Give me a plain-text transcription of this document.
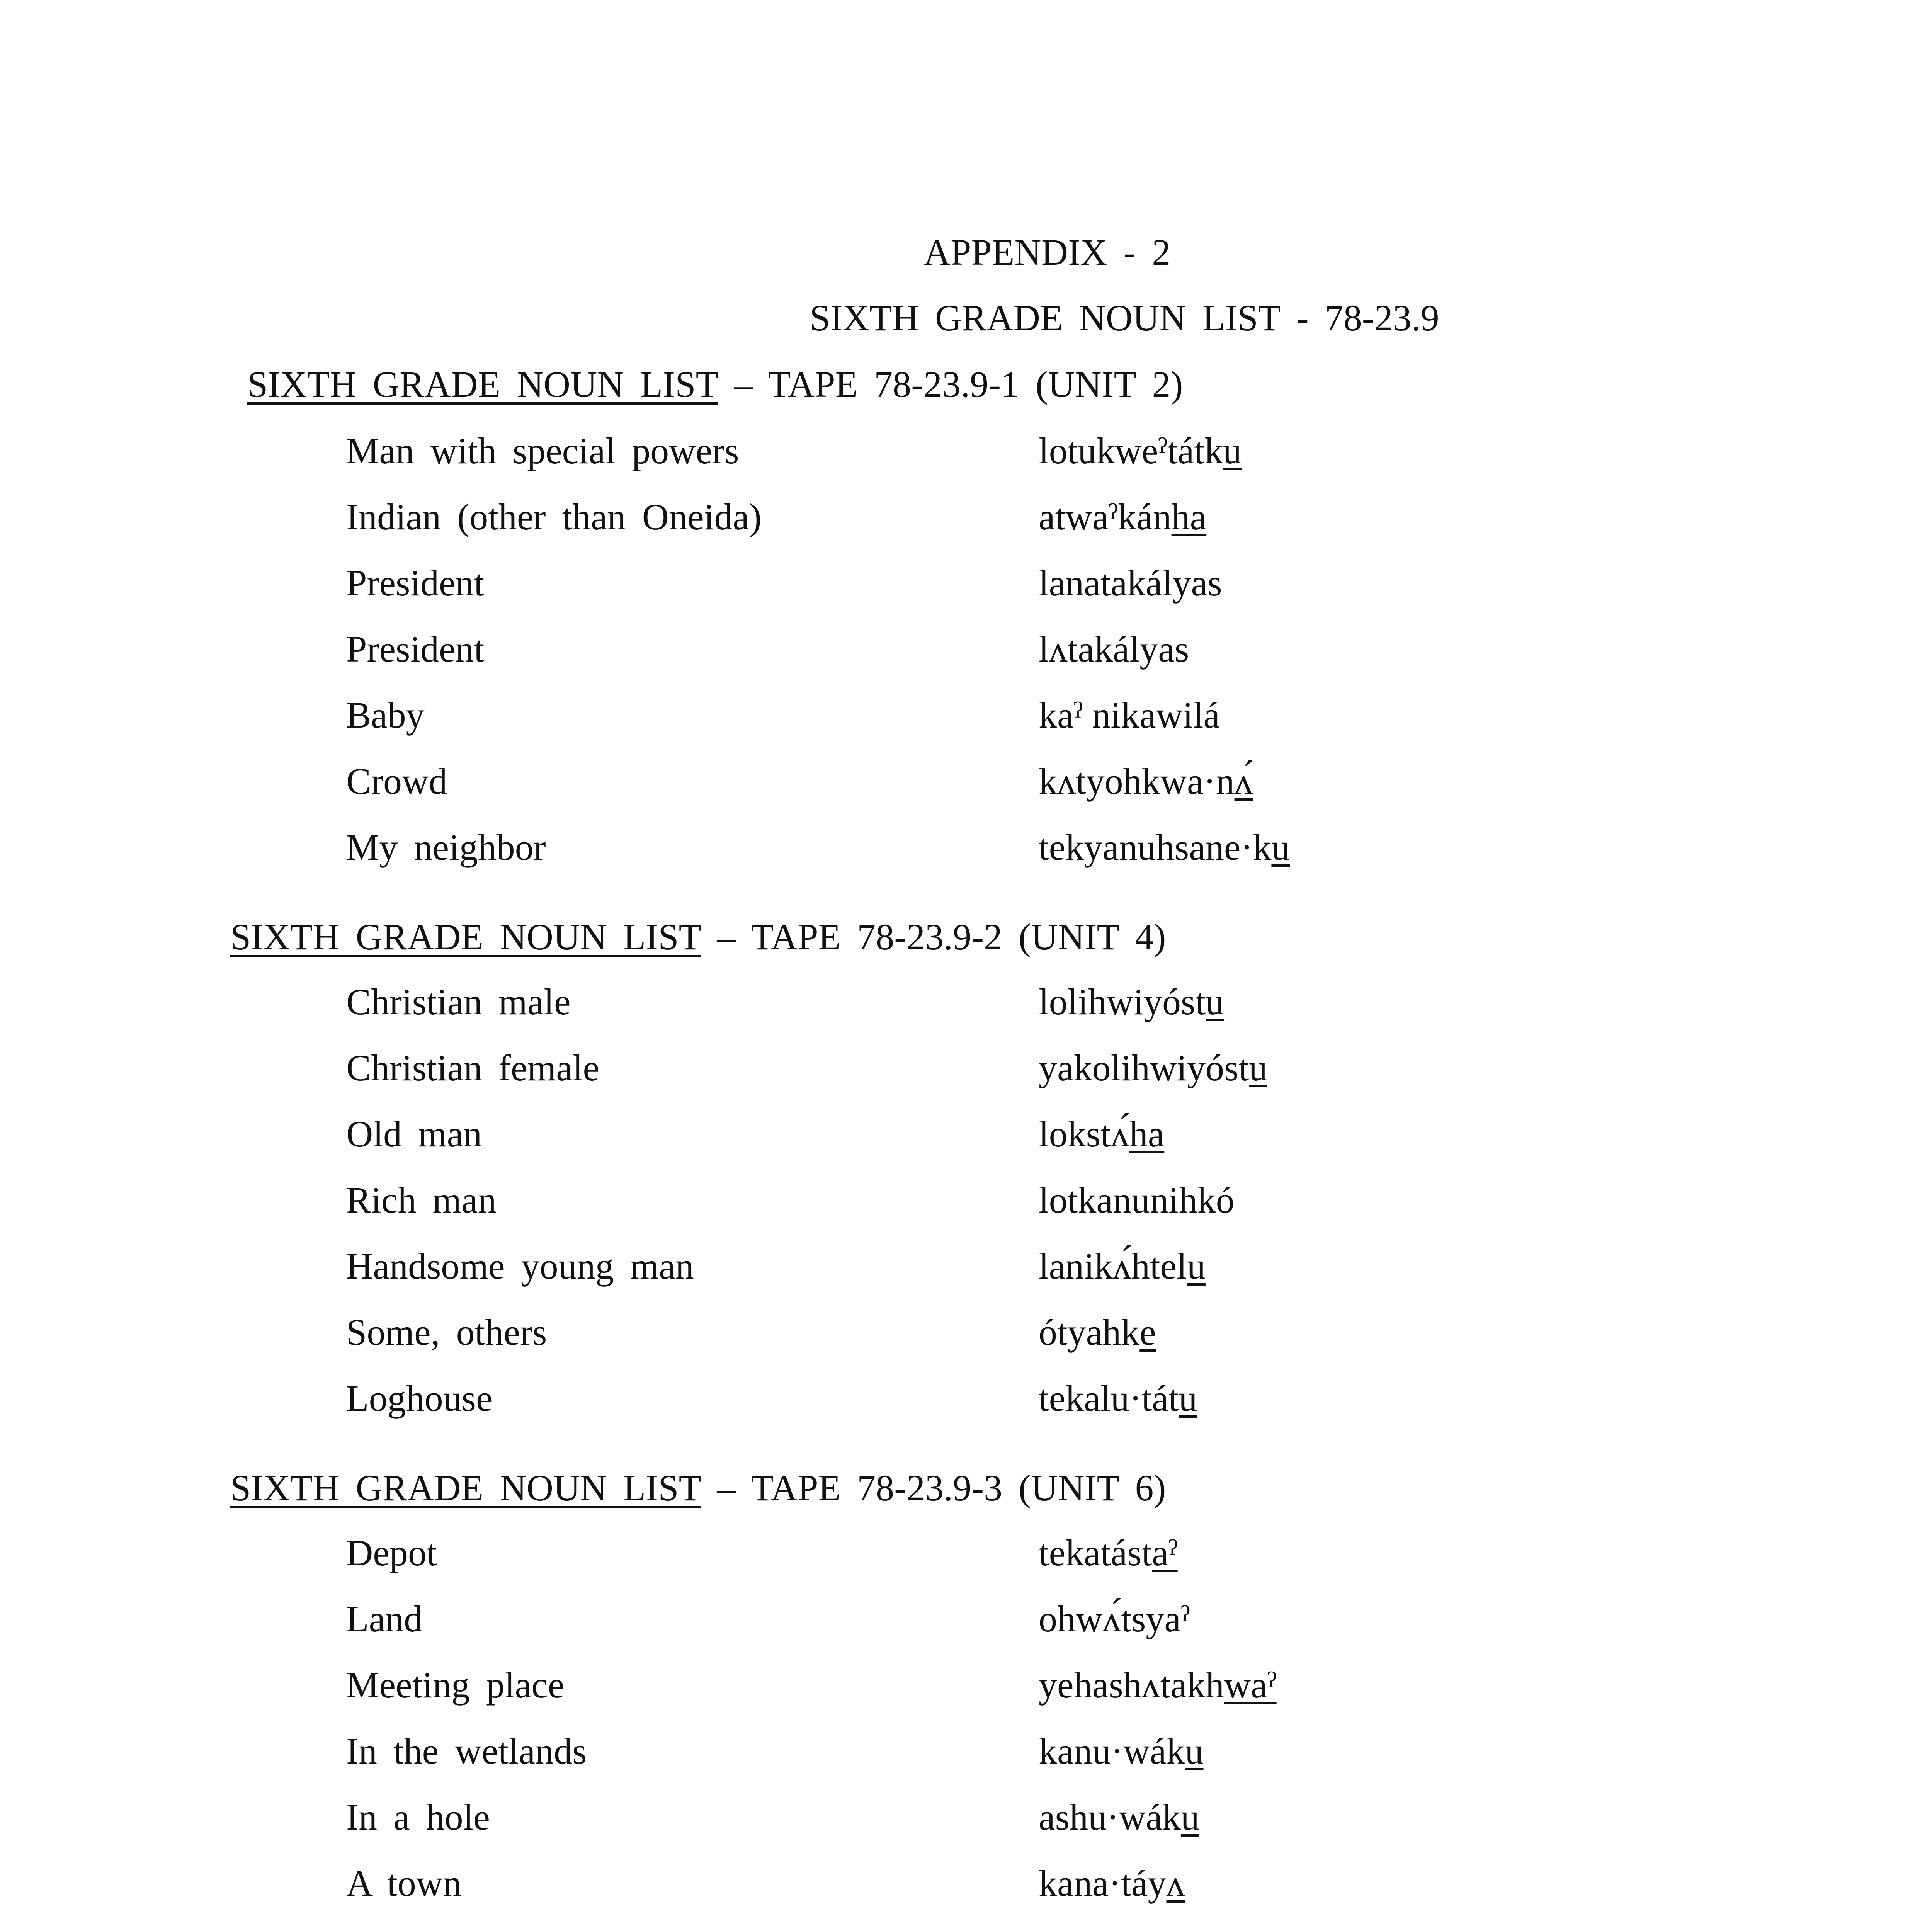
APPENDIX - 2
SIXTH GRADE NOUN LIST - 78-23.9
SIXTH GRADE NOUN LIST – TAPE 78-23.9-1 (UNIT 2)
Man with special powers	lotukweˀtátku
Indian (other than Oneida)	atwaˀkánha
President	lanatakályas
President	lʌtakályas
Baby	kaˀ nikawilá
Crowd	kʌtyohkwa·nʌ́
My neighbor	tekyanuhsane·ku
SIXTH GRADE NOUN LIST – TAPE 78-23.9-2 (UNIT 4)
Christian male	lolihwiyóstu
Christian female	yakolihwiyóstu
Old man	lokstʌ́ha
Rich man	lotkanunihkó
Handsome young man	lanikʌ́htelu
Some, others	ótyahke
Loghouse	tekalu·tátu
SIXTH GRADE NOUN LIST – TAPE 78-23.9-3 (UNIT 6)
Depot	tekatástaˀ
Land	ohwʌ́tsyaˀ
Meeting place	yehashʌtakhwaˀ
In the wetlands	kanu·wáku
In a hole	ashu·wáku
A town	kana·táyʌ
